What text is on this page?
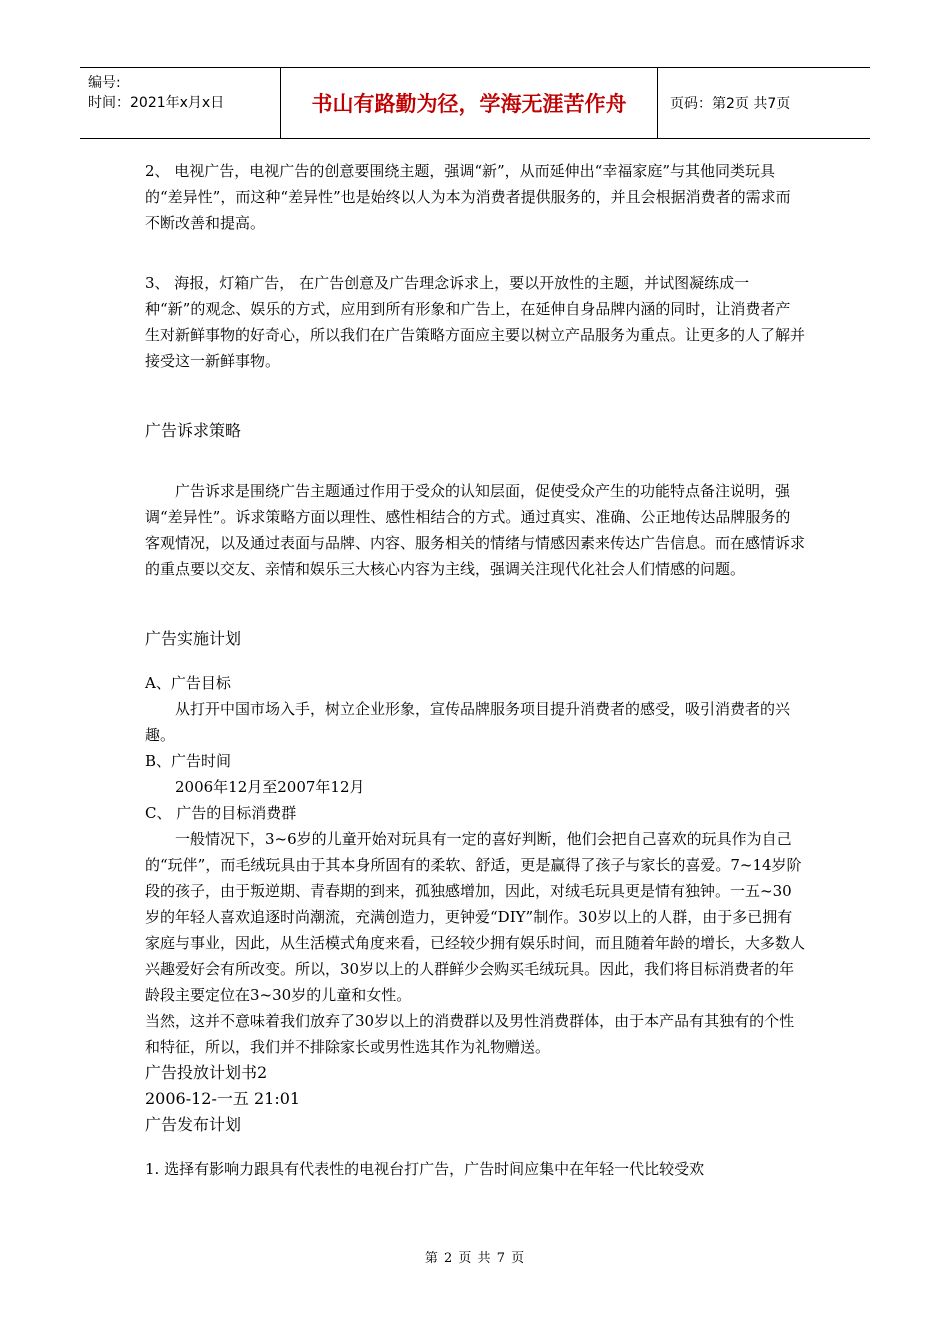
编号:
时间：2021年x月x日	书山有路勤为径，学海无涯苦作舟	页码：第2页 共7页

2、 电视广告，电视广告的创意要围绕主题，强调“新”，从而延伸出“幸福家庭”与其他同类玩具的“差异性”，而这种“差异性”也是始终以人为本为消费者提供服务的，并且会根据消费者的需求而不断改善和提高。

3、 海报，灯箱广告， 在广告创意及广告理念诉求上，要以开放性的主题，并试图凝练成一种“新”的观念、娱乐的方式，应用到所有形象和广告上，在延伸自身品牌内涵的同时，让消费者产生对新鲜事物的好奇心，所以我们在广告策略方面应主要以树立产品服务为重点。让更多的人了解并接受这一新鲜事物。

广告诉求策略

广告诉求是围绕广告主题通过作用于受众的认知层面，促使受众产生的功能特点备注说明，强调“差异性”。诉求策略方面以理性、感性相结合的方式。通过真实、准确、公正地传达品牌服务的客观情况，以及通过表面与品牌、内容、服务相关的情绪与情感因素来传达广告信息。而在感情诉求的重点要以交友、亲情和娱乐三大核心内容为主线，强调关注现代化社会人们情感的问题。

广告实施计划

A、广告目标

从打开中国市场入手，树立企业形象，宣传品牌服务项目提升消费者的感受，吸引消费者的兴趣。

B、广告时间

2006年12月至2007年12月

C、 广告的目标消费群

一般情况下，3~6岁的儿童开始对玩具有一定的喜好判断，他们会把自己喜欢的玩具作为自己的“玩伴”，而毛绒玩具由于其本身所固有的柔软、舒适，更是赢得了孩子与家长的喜爱。7~14岁阶段的孩子，由于叛逆期、青春期的到来，孤独感增加，因此，对绒毛玩具更是情有独钟。一五~30岁的年轻人喜欢追逐时尚潮流，充满创造力，更钟爱“DIY”制作。30岁以上的人群，由于多已拥有家庭与事业，因此，从生活模式角度来看，已经较少拥有娱乐时间，而且随着年龄的增长，大多数人兴趣爱好会有所改变。所以，30岁以上的人群鲜少会购买毛绒玩具。因此，我们将目标消费者的年龄段主要定位在3~30岁的儿童和女性。

当然，这并不意味着我们放弃了30岁以上的消费群以及男性消费群体，由于本产品有其独有的个性和特征，所以，我们并不排除家长或男性选其作为礼物赠送。

广告投放计划书2

2006-12-一五 21:01

广告发布计划

1. 选择有影响力跟具有代表性的电视台打广告，广告时间应集中在年轻一代比较受欢

第 2 页 共 7 页
